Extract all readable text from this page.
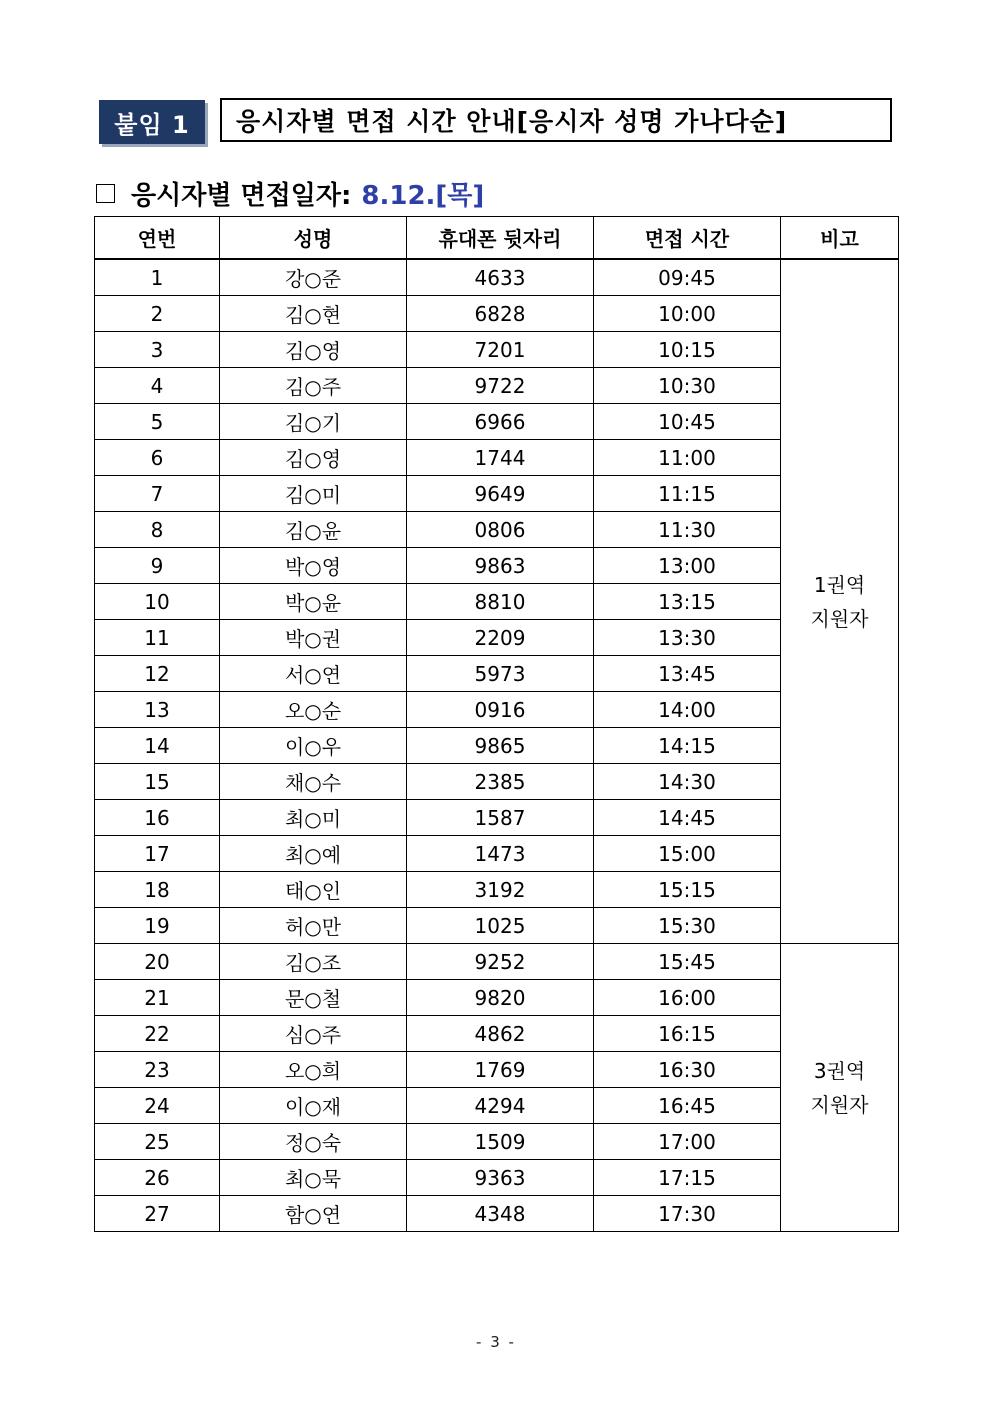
붙임 1	응시자별 면접 시간 안내[응시자 성명 가나다순]
응시자별 면접일자: 8.12.[목]
연번	성명	휴대폰 뒷자리	면접 시간	비고
1	강○준	4633	09:45	1권역
지원자

2	김○현	6828	10:00	
3	김○영	7201	10:15	
4	김○주	9722	10:30	
5	김○기	6966	10:45	
6	김○영	1744	11:00	
7	김○미	9649	11:15	
8	김○윤	0806	11:30	
9	박○영	9863	13:00	
10	박○윤	8810	13:15	
11	박○권	2209	13:30	
12	서○연	5973	13:45	
13	오○순	0916	14:00	
14	이○우	9865	14:15	
15	채○수	2385	14:30	
16	최○미	1587	14:45	
17	최○예	1473	15:00	
18	태○인	3192	15:15	
19	허○만	1025	15:30	
20	김○조	9252	15:45	3권역
지원자

21	문○철	9820	16:00	
22	심○주	4862	16:15	
23	오○희	1769	16:30	
24	이○재	4294	16:45	
25	정○숙	1509	17:00	
26	최○묵	9363	17:15	
27	함○연	4348	17:30	
- 3 -
